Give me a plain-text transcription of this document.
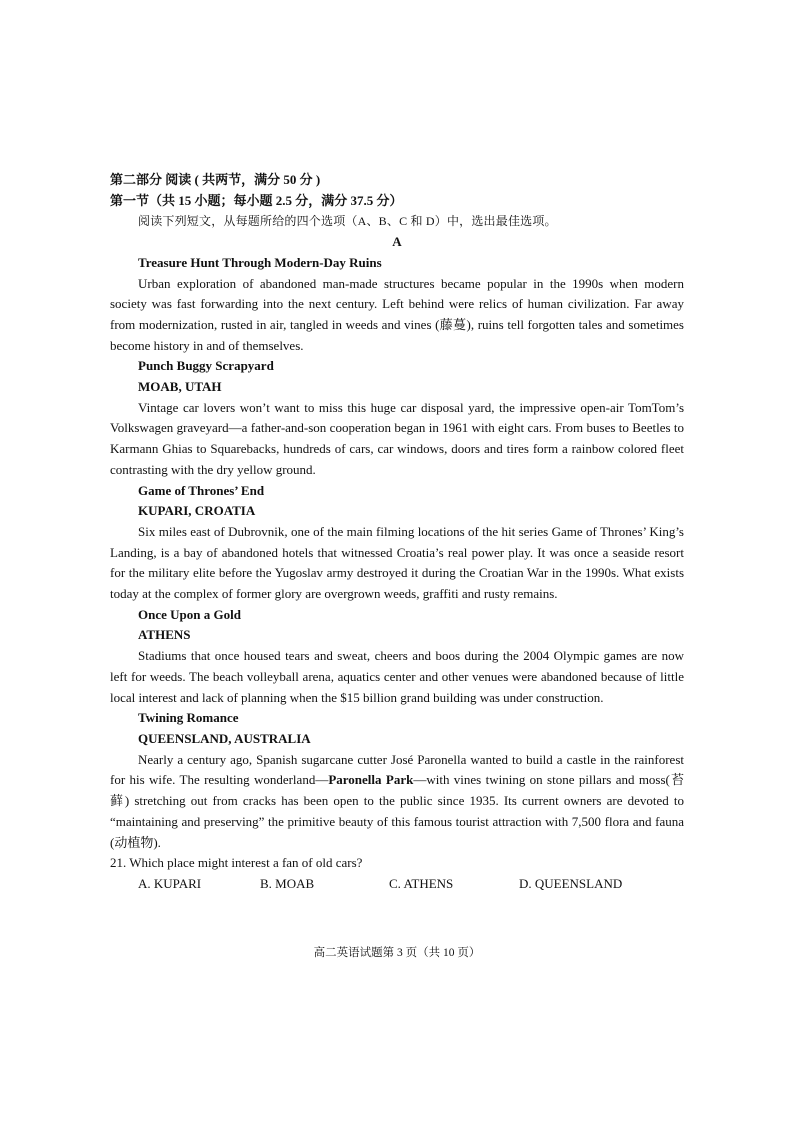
第二部分 阅读 ( 共两节，满分 50 分 )
第一节（共 15 小题；每小题 2.5 分，满分 37.5 分）
阅读下列短文，从每题所给的四个选项（A、B、C 和 D）中，选出最佳选项。
A
Treasure Hunt Through Modern-Day Ruins

Urban exploration of abandoned man-made structures became popular in the 1990s when modern society was fast forwarding into the next century. Left behind were relics of human civilization. Far away from modernization, rusted in air, tangled in weeds and vines (藤蔓), ruins tell forgotten tales and sometimes become history in and of themselves.

Punch Buggy Scrapyard
MOAB, UTAH

Vintage car lovers won’t want to miss this huge car disposal yard, the impressive open-air TomTom’s Volkswagen graveyard—a father-and-son cooperation began in 1961 with eight cars. From buses to Beetles to Karmann Ghias to Squarebacks, hundreds of cars, car windows, doors and tires form a rainbow colored fleet contrasting with the dry yellow ground.

Game of Thrones’ End
KUPARI, CROATIA

Six miles east of Dubrovnik, one of the main filming locations of the hit series Game of Thrones’ King’s Landing, is a bay of abandoned hotels that witnessed Croatia’s real power play. It was once a seaside resort for the military elite before the Yugoslav army destroyed it during the Croatian War in the 1990s. What exists today at the complex of former glory are overgrown weeds, graffiti and rusty remains.

Once Upon a Gold
ATHENS

Stadiums that once housed tears and sweat, cheers and boos during the 2004 Olympic games are now left for weeds. The beach volleyball arena, aquatics center and other venues were abandoned because of little local interest and lack of planning when the $15 billion grand building was under construction.

Twining Romance
QUEENSLAND, AUSTRALIA

Nearly a century ago, Spanish sugarcane cutter José Paronella wanted to build a castle in the rainforest for his wife. The resulting wonderland—Paronella Park—with vines twining on stone pillars and moss(苔藓) stretching out from cracks has been open to the public since 1935. Its current owners are devoted to “maintaining and preserving” the primitive beauty of this famous tourist attraction with 7,500 flora and fauna (动植物).

21. Which place might interest a fan of old cars?
A. KUPARI	B. MOAB	C. ATHENS	D. QUEENSLAND
高二英语试题第 3 页（共 10 页）
